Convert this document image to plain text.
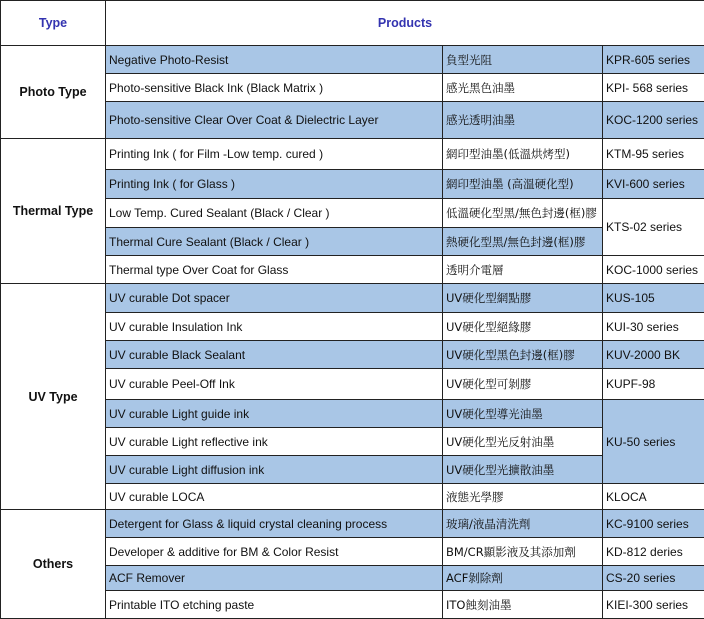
Type	Products		
Photo Type	Negative Photo-Resist	負型光阻	KPR-605 series
	Photo-sensitive Black Ink (Black Matrix )	感光黑色油墨	KPI- 568 series
	Photo-sensitive Clear Over Coat & Dielectric Layer	感光透明油墨	KOC-1200 series
Thermal Type	Printing Ink ( for Film -Low temp. cured )	網印型油墨(低溫烘烤型)	KTM-95 series
	Printing Ink ( for Glass )	網印型油墨 (高溫硬化型)	KVI-600 series
	Low Temp. Cured Sealant (Black / Clear )	低溫硬化型黑/無色封邊(框)膠	KTS-02 series
	Thermal Cure Sealant (Black / Clear )	熱硬化型黑/無色封邊(框)膠	
	Thermal type Over Coat for Glass	透明介電層	KOC-1000 series
UV Type	UV curable Dot spacer	UV硬化型網點膠	KUS-105
	UV curable Insulation Ink	UV硬化型絕緣膠	KUI-30 series
	UV curable Black Sealant	UV硬化型黑色封邊(框)膠	KUV-2000 BK
	UV curable Peel-Off Ink	UV硬化型可剝膠	KUPF-98
	UV curable Light guide ink	UV硬化型導光油墨	KU-50 series
	UV curable Light reflective ink	UV硬化型光反射油墨	
	UV curable Light diffusion ink	UV硬化型光擴散油墨	
	UV curable LOCA	液態光學膠	KLOCA
Others	Detergent for Glass & liquid crystal cleaning process	玻璃/液晶清洗劑	KC-9100 series
	Developer & additive for BM & Color Resist	BM/CR顯影液及其添加劑	KD-812 deries
	ACF Remover	ACF剝除劑	CS-20 series
	Printable ITO etching paste	ITO蝕刻油墨	KIEI-300 series
